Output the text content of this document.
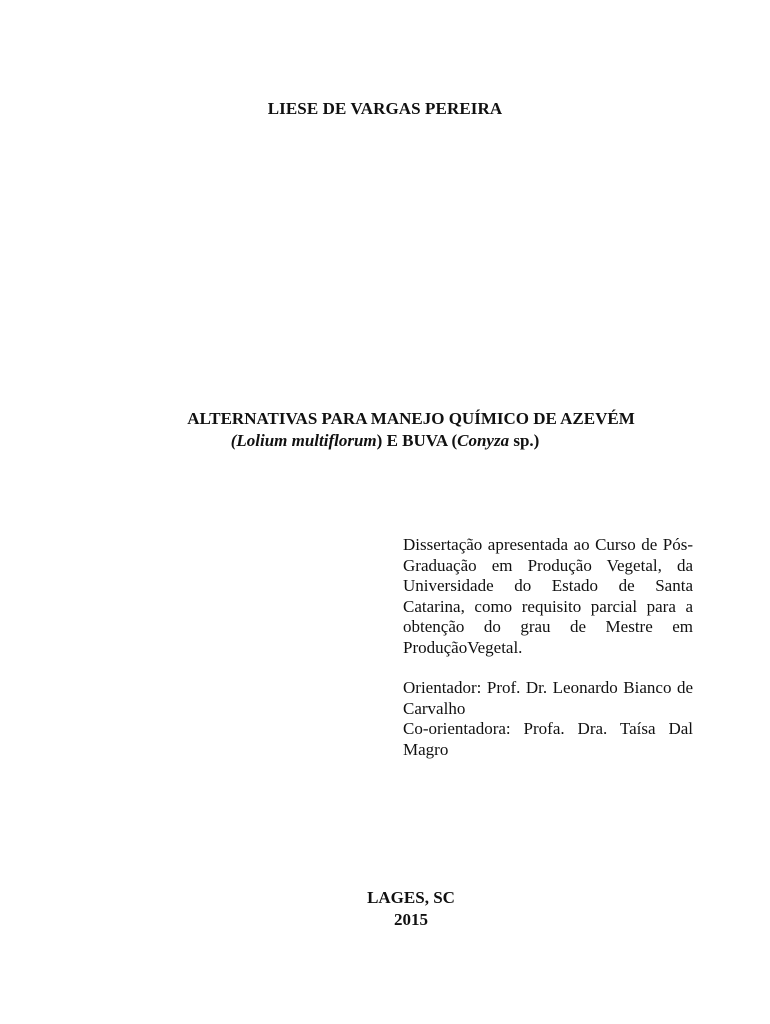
LIESE DE VARGAS PEREIRA
ALTERNATIVAS PARA MANEJO QUÍMICO DE AZEVÉM
(Lolium multiflorum) E BUVA (Conyza sp.)

Dissertação apresentada ao Curso de Pós-Graduação em Produção Vegetal, da Universidade do Estado de Santa Catarina, como requisito parcial para a obtenção do grau de Mestre em ProduçãoVegetal.

Orientador: Prof. Dr. Leonardo Bianco de Carvalho

Co-orientadora: Profa. Dra. Taísa Dal Magro

LAGES, SC
2015
